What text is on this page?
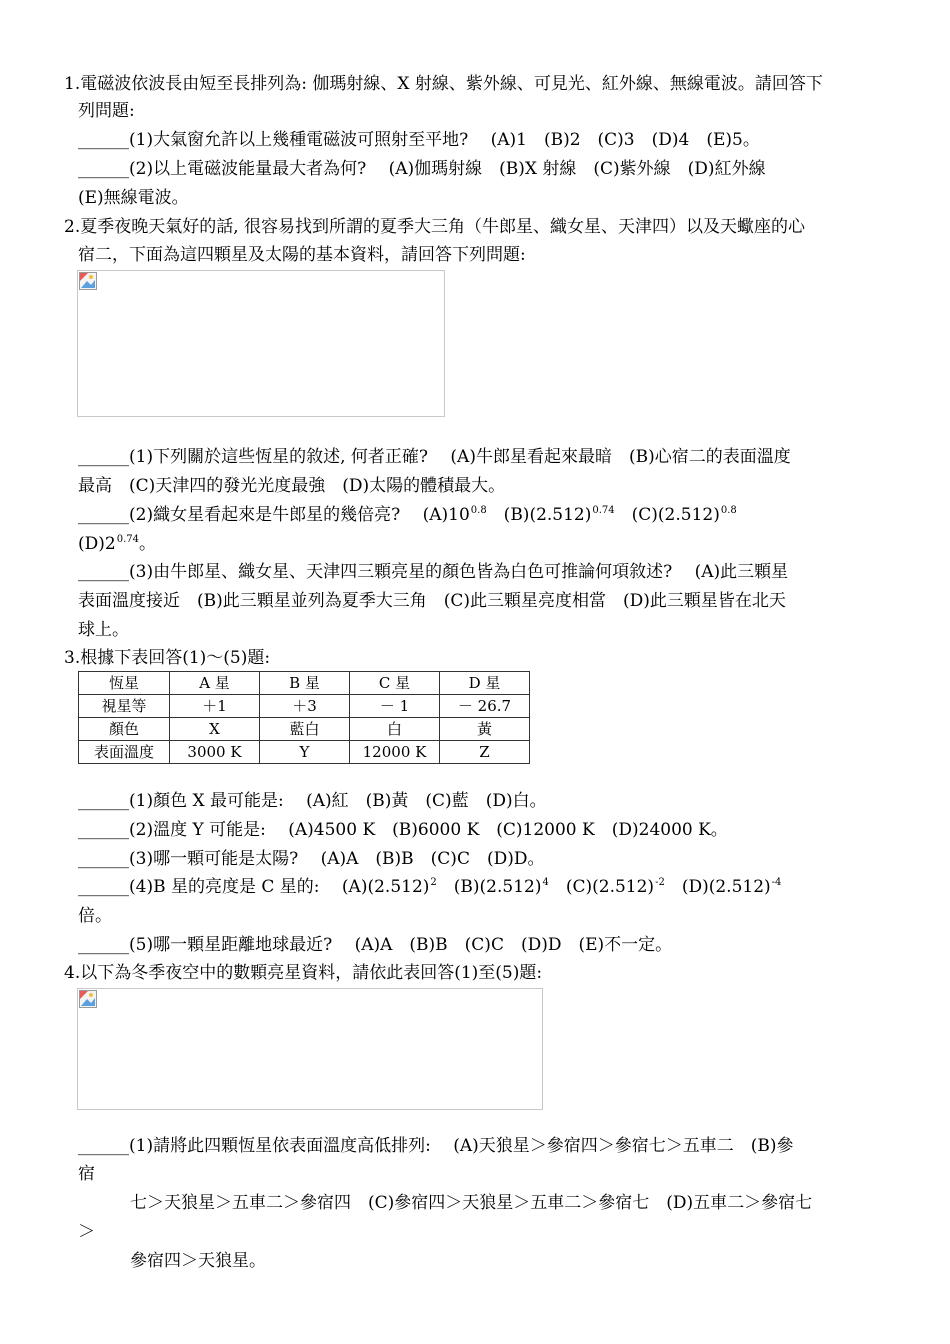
1.電磁波依波長由短至長排列為: 伽瑪射線、X 射線、紫外線、可見光、紅外線、無線電波。請回答下
列問題:
______(1)大氣窗允許以上幾種電磁波可照射至平地?　 (A)1　(B)2　(C)3　(D)4　(E)5。
______(2)以上電磁波能量最大者為何?　 (A)伽瑪射線　(B)X 射線　(C)紫外線　(D)紅外線
(E)無線電波。
2.夏季夜晚天氣好的話, 很容易找到所謂的夏季大三角（牛郎星、織女星、天津四）以及天蠍座的心
宿二，下面為這四顆星及太陽的基本資料，請回答下列問題:
______(1)下列關於這些恆星的敘述, 何者正確?　 (A)牛郎星看起來最暗　(B)心宿二的表面溫度
最高　(C)天津四的發光光度最強　(D)太陽的體積最大。
______(2)織女星看起來是牛郎星的幾倍亮?　 $(A)10^{0.8}$　$(B)(2.512)^{0.74}$　$(C)(2.512)^{0.8}$
$(D)2^{0.74}$。
______(3)由牛郎星、織女星、天津四三顆亮星的顏色皆為白色可推論何項敘述?　 (A)此三顆星
表面溫度接近　(B)此三顆星並列為夏季大三角　(C)此三顆星亮度相當　(D)此三顆星皆在北天
球上。
3.根據下表回答(1)～(5)題:
恆星	A 星	B 星	C 星	D 星
視星等	＋1	＋3	－ 1	－ 26.7
顏色	X	藍白	白	黃
表面溫度	3000 K	Y	12000 K	Z
______(1)顏色 X 最可能是:　 (A)紅　(B)黃　(C)藍　(D)白。
______(2)溫度 Y 可能是:　 (A)4500 K　(B)6000 K　(C)12000 K　(D)24000 K。
______(3)哪一顆可能是太陽?　 (A)A　(B)B　(C)C　(D)D。
______(4)B 星的亮度是 C 星的:　 $(A)(2.512)^2$　$(B)(2.512)^4$　$(C)(2.512)^{-2}$　$(D)(2.512)^{-4}$
倍。
______(5)哪一顆星距離地球最近?　 (A)A　(B)B　(C)C　(D)D　(E)不一定。
4.以下為冬季夜空中的數顆亮星資料，請依此表回答(1)至(5)題:
______(1)請將此四顆恆星依表面溫度高低排列:　 (A)天狼星＞參宿四＞參宿七＞五車二　(B)參
宿
七＞天狼星＞五車二＞參宿四　(C)參宿四＞天狼星＞五車二＞參宿七　(D)五車二＞參宿七
＞
參宿四＞天狼星。
